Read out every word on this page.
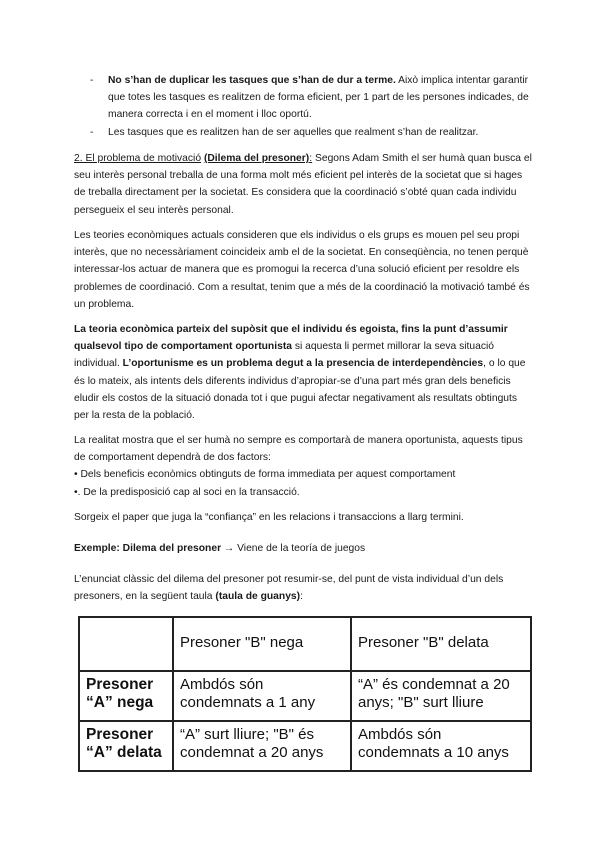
-	No s’han de duplicar les tasques que s’han de dur a terme. Això implica intentar garantir que totes les tasques es realitzen de forma eficient, per 1 part de les persones indicades, de manera correcta i en el moment i lloc oportú.
-	Les tasques que es realitzen han de ser aquelles que realment s’han de realitzar.

2. El problema de motivació (Dilema del presoner): Segons Adam Smith el ser humà quan busca el seu interès personal treballa de una forma molt més eficient pel interès de la societat que si hages de treballa directament per la societat. Es considera que la coordinació s’obté quan cada individu persegueix el seu interès personal.

Les teories econòmiques actuals consideren que els individus o els grups es mouen pel seu propi interès, que no necessàriament coincideix amb el de la societat. En conseqüència, no tenen perquè interessar-los actuar de manera que es promogui la recerca d’una solució eficient per resoldre els problemes de coordinació. Com a resultat, tenim que a més de la coordinació la motivació també és un problema.

La teoria econòmica parteix del supòsit que el individu és egoista, fins la punt d’assumir qualsevol tipo de comportament oportunista si aquesta li permet millorar la seva situació individual. L’oportunisme es un problema degut a la presencia de interdependències, o lo que és lo mateix, als intents dels diferents individus d’apropiar-se d’una part més gran dels beneficis eludir els costos de la situació donada tot i que pugui afectar negativament als resultats obtinguts per la resta de la població.

La realitat mostra que el ser humà no sempre es comportarà de manera oportunista, aquests tipus de comportament dependrà de dos factors:

• Dels beneficis econòmics obtinguts de forma immediata per aquest comportament

•. De la predisposició cap al soci en la transacció.

Sorgeix el paper que juga la “confiança” en les relacions i transaccions a llarg termini.

Exemple: Dilema del presoner → Viene de la teoría de juegos

L’enunciat clàssic del dilema del presoner pot resumir-se, del punt de vista individual d’un dels presoners, en la següent taula (taula de guanys):

	Presoner "B" nega	Presoner "B" delata
Presoner “A” nega	Ambdós són condemnats a 1 any	“A” és condemnat a 20 anys; "B" surt lliure
Presoner “A” delata	“A” surt lliure; "B" és condemnat a 20 anys	Ambdós són condemnats a 10 anys
